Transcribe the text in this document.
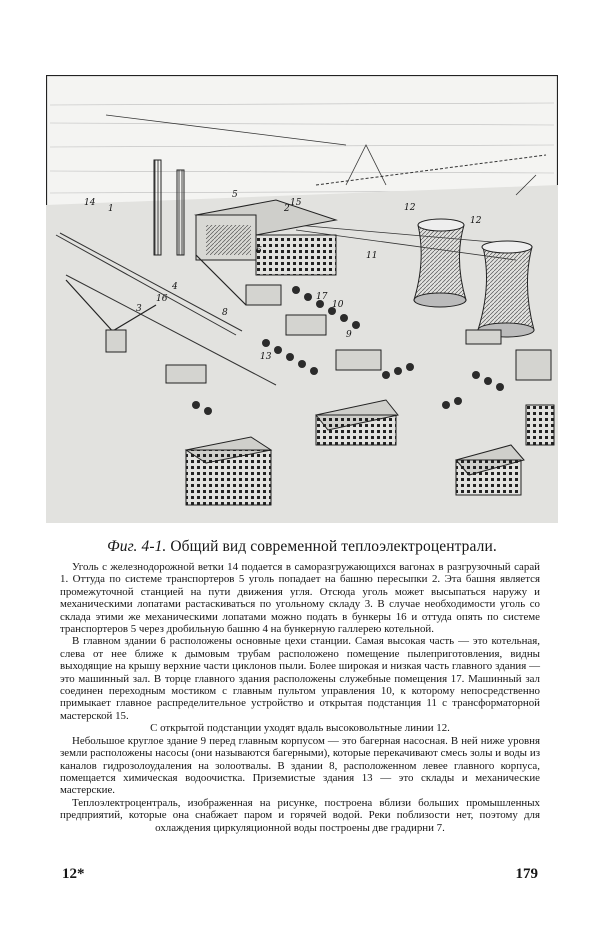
14
1
5
12
12
2
11
15
6
3
4
16
10
17
13
8
9
Фиг. 4-1. Общий вид современной теплоэлектроцентрали.

Уголь с железнодорожной ветки 14 подается в саморазгружающихся вагонах в разгрузочный сарай 1. Оттуда по системе транспортеров 5 уголь попадает на башню пересыпки 2. Эта башня является промежуточной станцией на пути движения угля. Отсюда уголь может высыпаться наружу и механическими лопатами растаскиваться по угольному складу 3. В случае необходимости уголь со склада этими же механическими лопатами можно подать в бункеры 16 и оттуда опять по системе транспортеров 5 через дробильную башню 4 на бункерную галлерею котельной.

В главном здании 6 расположены основные цехи станции. Самая высокая часть — это котельная, слева от нее ближе к дымовым трубам расположено помещение пылеприготовления, видны выходящие на крышу верхние части циклонов пыли. Более широкая и низкая часть главного здания — это машинный зал. В торце главного здания расположены служебные помещения 17. Машинный зал соединен переходным мостиком с главным пультом управления 10, к которому непосредственно примыкает главное распределительное устройство и открытая подстанция 11 с трансформаторной мастерской 15.

С открытой подстанции уходят вдаль высоковольтные линии 12.

Небольшое круглое здание 9 перед главным корпусом — это багерная насосная. В ней ниже уровня земли расположены насосы (они называются багерными), которые перекачивают смесь золы и воды из каналов гидрозолоудаления на золоотвалы. В здании 8, расположенном левее главного корпуса, помещается химическая водоочистка. Приземистые здания 13 — это склады и механические мастерские.

Теплоэлектроцентраль, изображенная на рисунке, построена вблизи больших промышленных предприятий, которые она снабжает паром и горячей водой. Реки поблизости нет, поэтому для охлаждения циркуляционной воды построены две градирни 7.

12*	179
